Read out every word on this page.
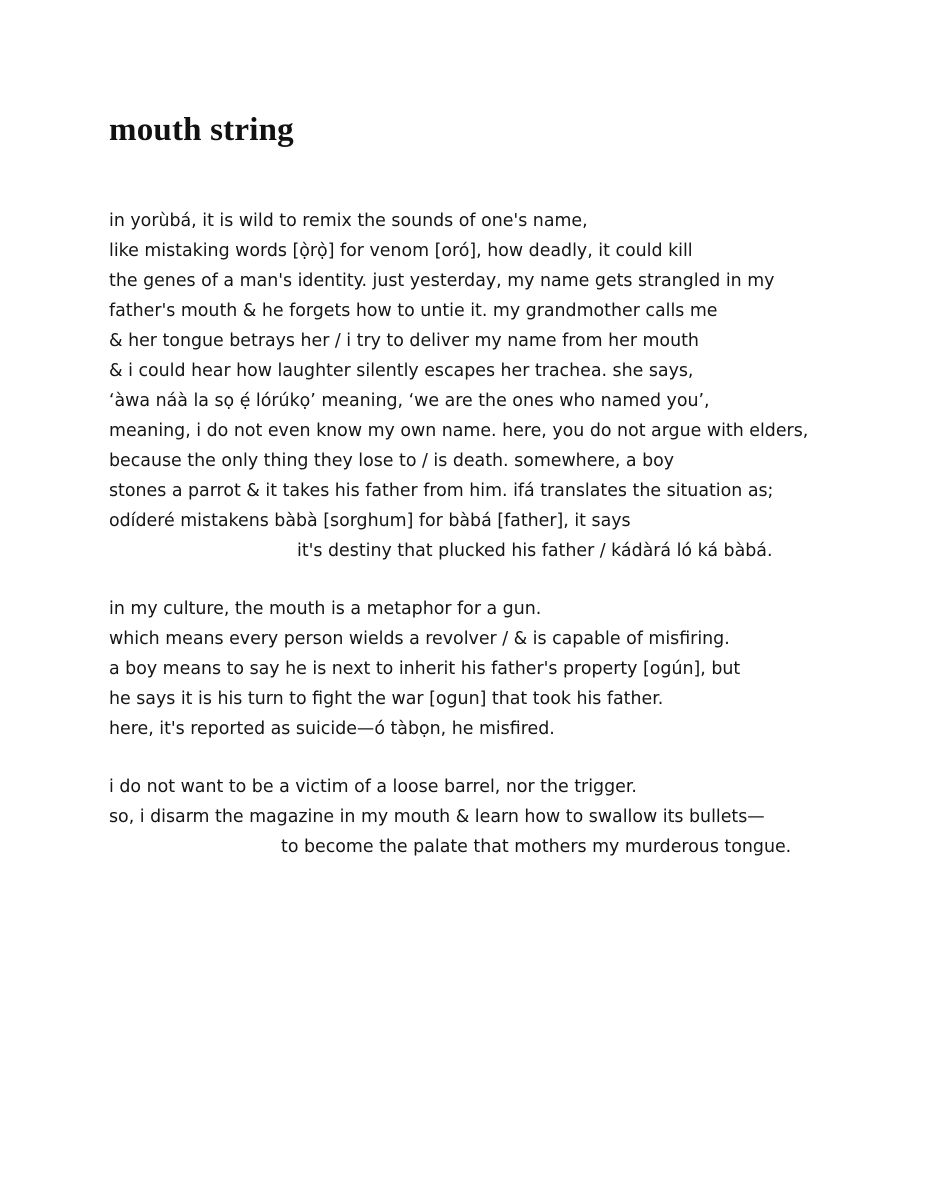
mouth string
in yorùbá, it is wild to remix the sounds of one's name,
like mistaking words [ọ̀rọ̀] for venom [oró], how deadly, it could kill
the genes of a man's identity. just yesterday, my name gets strangled in my
father's mouth & he forgets how to untie it. my grandmother calls me
& her tongue betrays her / i try to deliver my name from her mouth
& i could hear how laughter silently escapes her trachea. she says,
‘àwa náà la sọ ẹ́ lórúkọ’ meaning, ‘we are the ones who named you’,
meaning, i do not even know my own name. here, you do not argue with elders,
because the only thing they lose to / is death. somewhere, a boy
stones a parrot & it takes his father from him. ifá translates the situation as;
odíderé mistakens bàbà [sorghum] for bàbá [father], it says
it's destiny that plucked his father / kádàrá ló ká bàbá.
in my culture, the mouth is a metaphor for a gun.
which means every person wields a revolver / & is capable of misfiring.
a boy means to say he is next to inherit his father's property [ogún], but
he says it is his turn to fight the war [ogun] that took his father.
here, it's reported as suicide—ó tàbọn, he misfired.
i do not want to be a victim of a loose barrel, nor the trigger.
so, i disarm the magazine in my mouth & learn how to swallow its bullets—
to become the palate that mothers my murderous tongue.
